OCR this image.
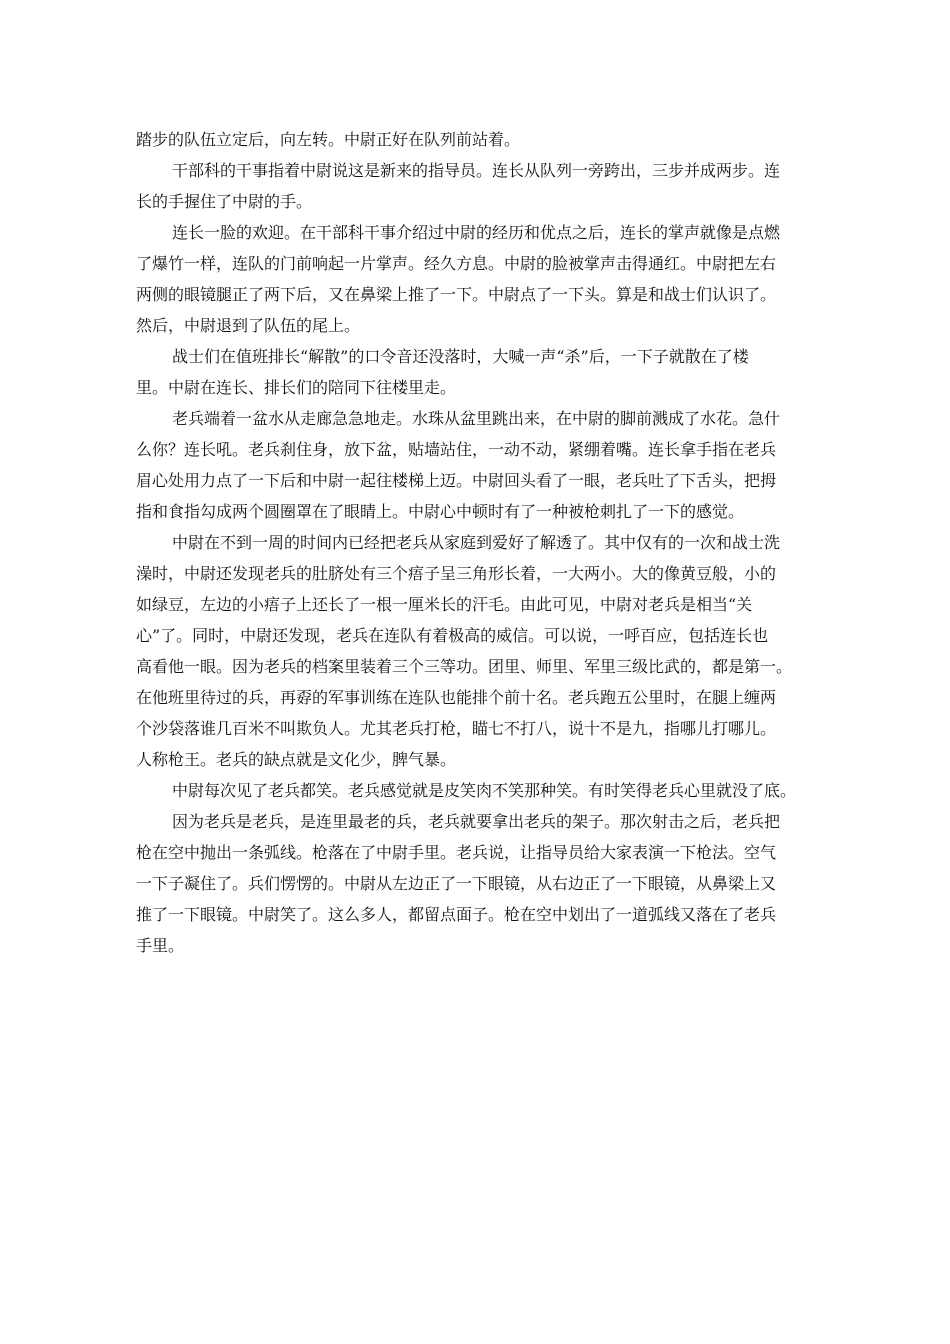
踏步的队伍立定后，向左转。中尉正好在队列前站着。
干部科的干事指着中尉说这是新来的指导员。连长从队列一旁跨出，三步并成两步。连
长的手握住了中尉的手。
连长一脸的欢迎。在干部科干事介绍过中尉的经历和优点之后，连长的掌声就像是点燃
了爆竹一样，连队的门前响起一片掌声。经久方息。中尉的脸被掌声击得通红。中尉把左右
两侧的眼镜腿正了两下后，又在鼻梁上推了一下。中尉点了一下头。算是和战士们认识了。
然后，中尉退到了队伍的尾上。
战士们在值班排长“解散”的口令音还没落时，大喊一声“杀”后，一下子就散在了楼
里。中尉在连长、排长们的陪同下往楼里走。
老兵端着一盆水从走廊急急地走。水珠从盆里跳出来，在中尉的脚前溅成了水花。急什
么你？连长吼。老兵刹住身，放下盆，贴墙站住，一动不动，紧绷着嘴。连长拿手指在老兵
眉心处用力点了一下后和中尉一起往楼梯上迈。中尉回头看了一眼，老兵吐了下舌头，把拇
指和食指勾成两个圆圈罩在了眼睛上。中尉心中顿时有了一种被枪刺扎了一下的感觉。
中尉在不到一周的时间内已经把老兵从家庭到爱好了解透了。其中仅有的一次和战士洗
澡时，中尉还发现老兵的肚脐处有三个痦子呈三角形长着，一大两小。大的像黄豆般，小的
如绿豆，左边的小痦子上还长了一根一厘米长的汗毛。由此可见，中尉对老兵是相当“关
心”了。同时，中尉还发现，老兵在连队有着极高的威信。可以说，一呼百应，包括连长也
高看他一眼。因为老兵的档案里装着三个三等功。团里、师里、军里三级比武的，都是第一。
在他班里待过的兵，再孬的军事训练在连队也能排个前十名。老兵跑五公里时，在腿上缠两
个沙袋落谁几百米不叫欺负人。尤其老兵打枪，瞄七不打八，说十不是九，指哪儿打哪儿。
人称枪王。老兵的缺点就是文化少，脾气暴。
中尉每次见了老兵都笑。老兵感觉就是皮笑肉不笑那种笑。有时笑得老兵心里就没了底。
因为老兵是老兵，是连里最老的兵，老兵就要拿出老兵的架子。那次射击之后，老兵把
枪在空中抛出一条弧线。枪落在了中尉手里。老兵说，让指导员给大家表演一下枪法。空气
一下子凝住了。兵们愣愣的。中尉从左边正了一下眼镜，从右边正了一下眼镜，从鼻梁上又
推了一下眼镜。中尉笑了。这么多人，都留点面子。枪在空中划出了一道弧线又落在了老兵
手里。
